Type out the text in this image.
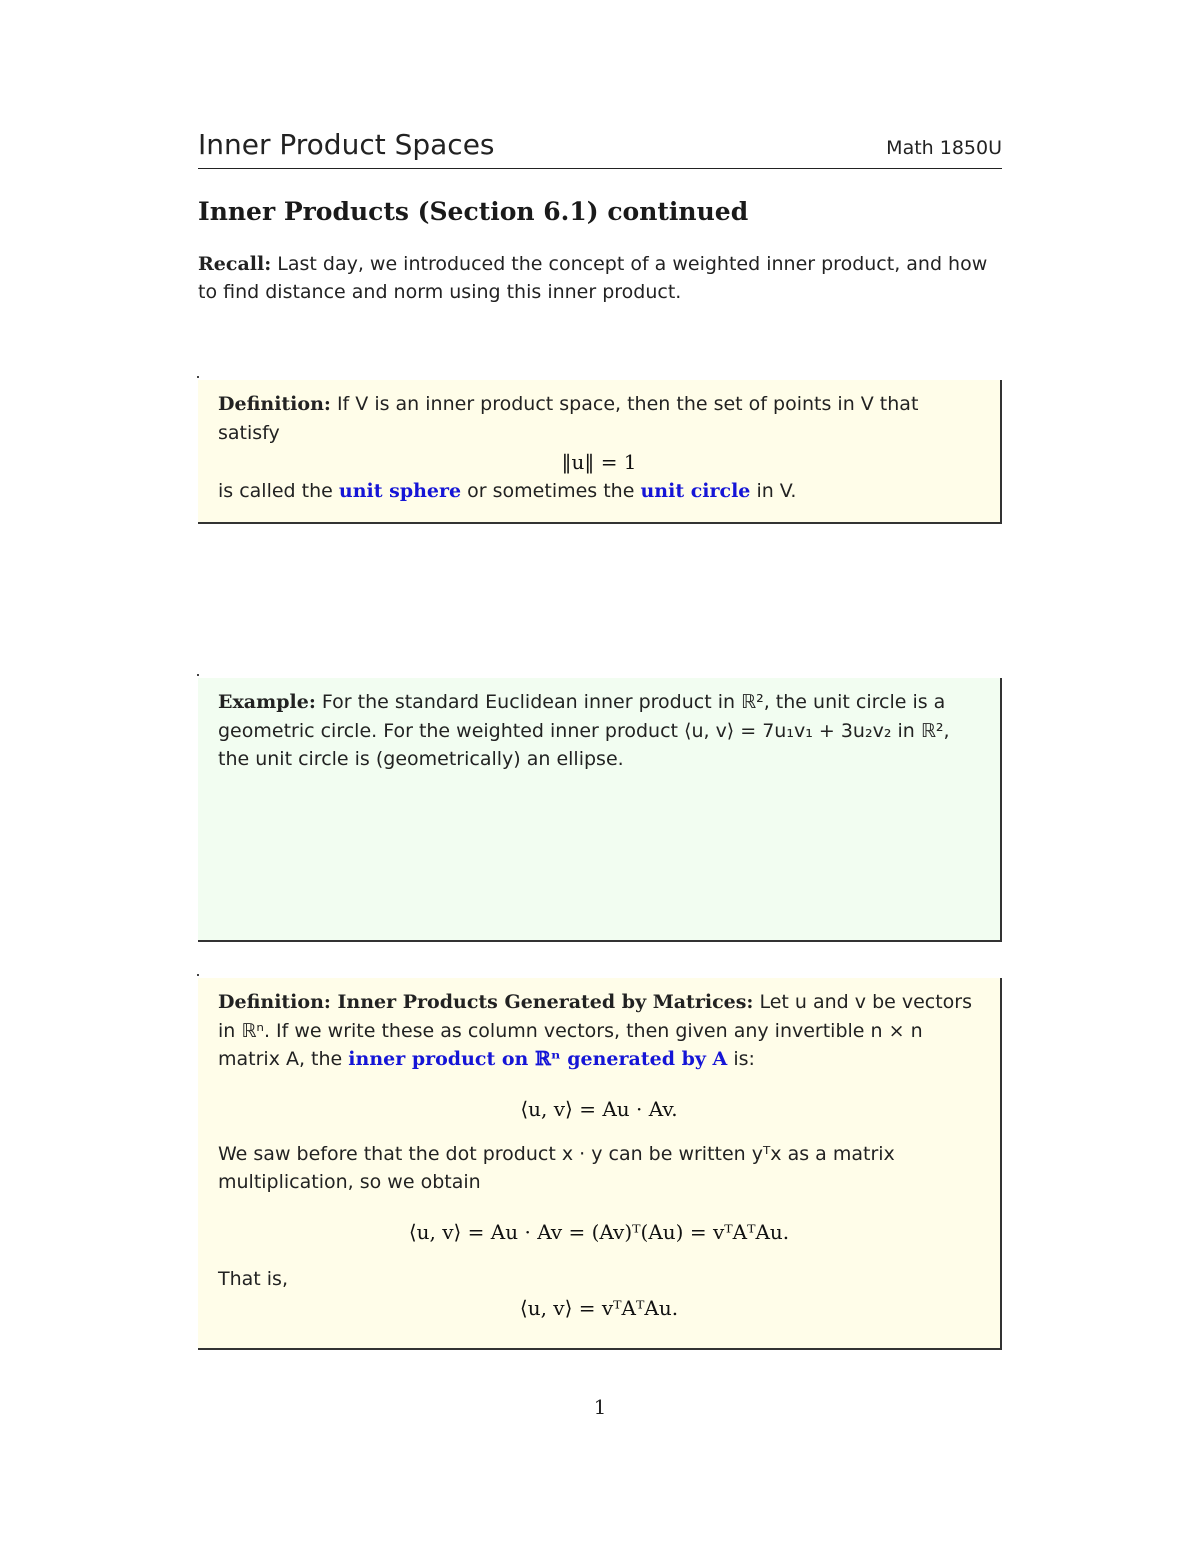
Inner Product Spaces	Math 1850U
Inner Products (Section 6.1) continued
Recall: Last day, we introduced the concept of a weighted inner product, and how to find distance and norm using this inner product.
Definition: If V is an inner product space, then the set of points in V that satisfy
‖u‖ = 1
is called the unit sphere or sometimes the unit circle in V.
Example: For the standard Euclidean inner product in ℝ², the unit circle is a geometric circle. For the weighted inner product ⟨u, v⟩ = 7u₁v₁ + 3u₂v₂ in ℝ², the unit circle is (geometrically) an ellipse.
Definition: Inner Products Generated by Matrices: Let u and v be vectors in ℝⁿ. If we write these as column vectors, then given any invertible n × n matrix A, the inner product on ℝⁿ generated by A is:
⟨u, v⟩ = Au · Av.
We saw before that the dot product x · y can be written yᵀx as a matrix multiplication, so we obtain
⟨u, v⟩ = Au · Av = (Av)ᵀ(Au) = vᵀAᵀAu.
That is,
⟨u, v⟩ = vᵀAᵀAu.
1
